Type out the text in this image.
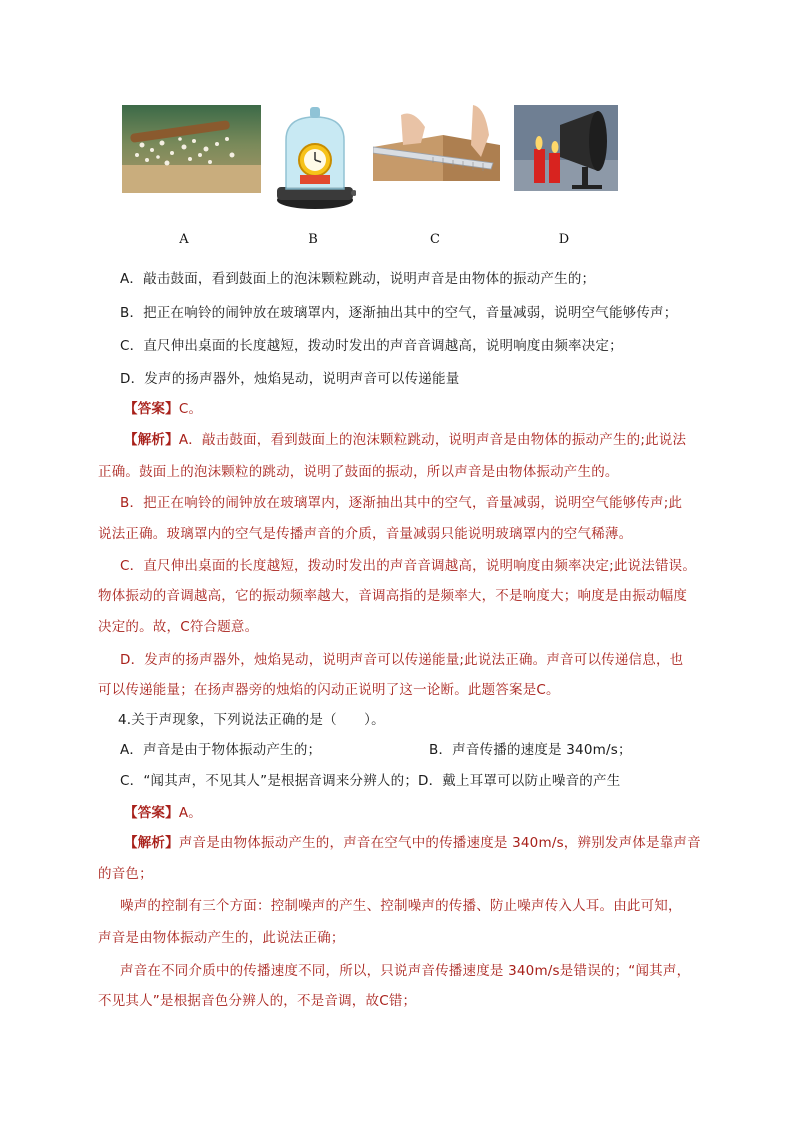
A	B	C	D
A．敲击鼓面，看到鼓面上的泡沫颗粒跳动，说明声音是由物体的振动产生的；
B．把正在响铃的闹钟放在玻璃罩内，逐渐抽出其中的空气，音量减弱，说明空气能够传声；
C．直尺伸出桌面的长度越短，拨动时发出的声音音调越高，说明响度由频率决定；
D．发声的扬声器外，烛焰晃动，说明声音可以传递能量
【答案】C。
【解析】A．敲击鼓面，看到鼓面上的泡沫颗粒跳动，说明声音是由物体的振动产生的;此说法
正确。鼓面上的泡沫颗粒的跳动，说明了鼓面的振动，所以声音是由物体振动产生的。
B．把正在响铃的闹钟放在玻璃罩内，逐渐抽出其中的空气，音量减弱，说明空气能够传声;此
说法正确。玻璃罩内的空气是传播声音的介质，音量减弱只能说明玻璃罩内的空气稀薄。
C．直尺伸出桌面的长度越短，拨动时发出的声音音调越高，说明响度由频率决定;此说法错误。
物体振动的音调越高，它的振动频率越大，音调高指的是频率大，不是响度大；响度是由振动幅度
决定的。故，C符合题意。
D．发声的扬声器外，烛焰晃动，说明声音可以传递能量;此说法正确。声音可以传递信息，也
可以传递能量；在扬声器旁的烛焰的闪动正说明了这一论断。此题答案是C。
4.关于声现象，下列说法正确的是（　　）。
A．声音是由于物体振动产生的；	B．声音传播的速度是 340m/s；
C．“闻其声，不见其人”是根据音调来分辨人的；D．戴上耳罩可以防止噪音的产生
【答案】A。
【解析】声音是由物体振动产生的，声音在空气中的传播速度是 340m/s，辨别发声体是靠声音
的音色；
噪声的控制有三个方面：控制噪声的产生、控制噪声的传播、防止噪声传入人耳。由此可知，
声音是由物体振动产生的，此说法正确；
声音在不同介质中的传播速度不同，所以，只说声音传播速度是 340m/s是错误的；“闻其声，
不见其人”是根据音色分辨人的，不是音调，故C错；
